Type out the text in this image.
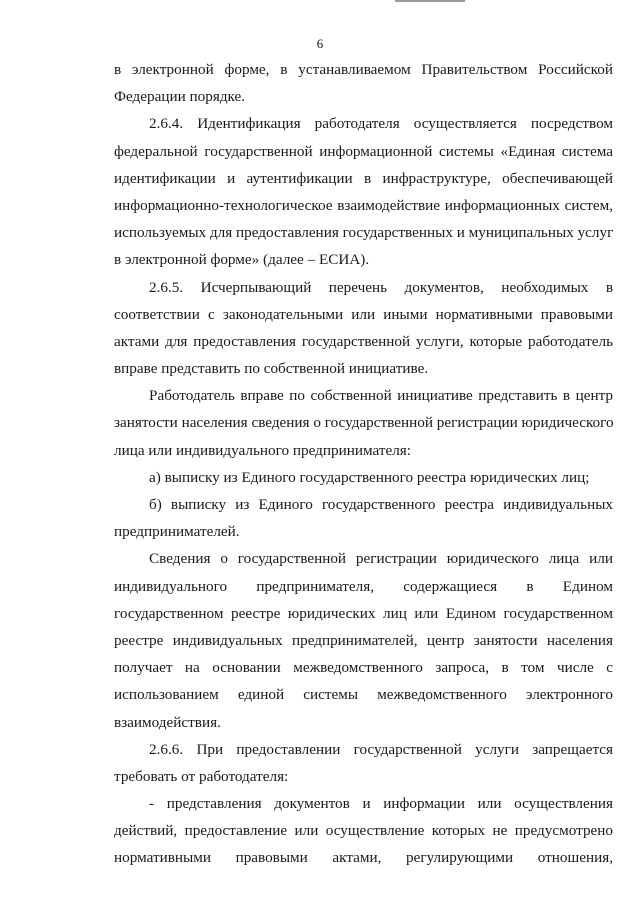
6
в электронной форме, в устанавливаемом Правительством Российской
Федерации порядке.
2.6.4. Идентификация работодателя осуществляется посредством
федеральной государственной информационной системы «Единая система
идентификации и аутентификации в инфраструктуре, обеспечивающей
информационно-технологическое взаимодействие информационных систем,
используемых для предоставления государственных и муниципальных услуг
в электронной форме» (далее – ЕСИА).
2.6.5. Исчерпывающий перечень документов, необходимых в
соответствии с законодательными или иными нормативными правовыми
актами для предоставления государственной услуги, которые работодатель
вправе представить по собственной инициативе.
Работодатель вправе по собственной инициативе представить в центр
занятости населения сведения о государственной регистрации юридического
лица или индивидуального предпринимателя:
а) выписку из Единого государственного реестра юридических лиц;
б) выписку из Единого государственного реестра индивидуальных
предпринимателей.
Сведения о государственной регистрации юридического лица или
индивидуального предпринимателя, содержащиеся в Едином
государственном реестре юридических лиц или Едином государственном
реестре индивидуальных предпринимателей, центр занятости населения
получает на основании межведомственного запроса, в том числе с
использованием единой системы межведомственного электронного
взаимодействия.
2.6.6. При предоставлении государственной услуги запрещается
требовать от работодателя:
- представления документов и информации или осуществления
действий, предоставление или осуществление которых не предусмотрено
нормативными правовыми актами, регулирующими отношения,
